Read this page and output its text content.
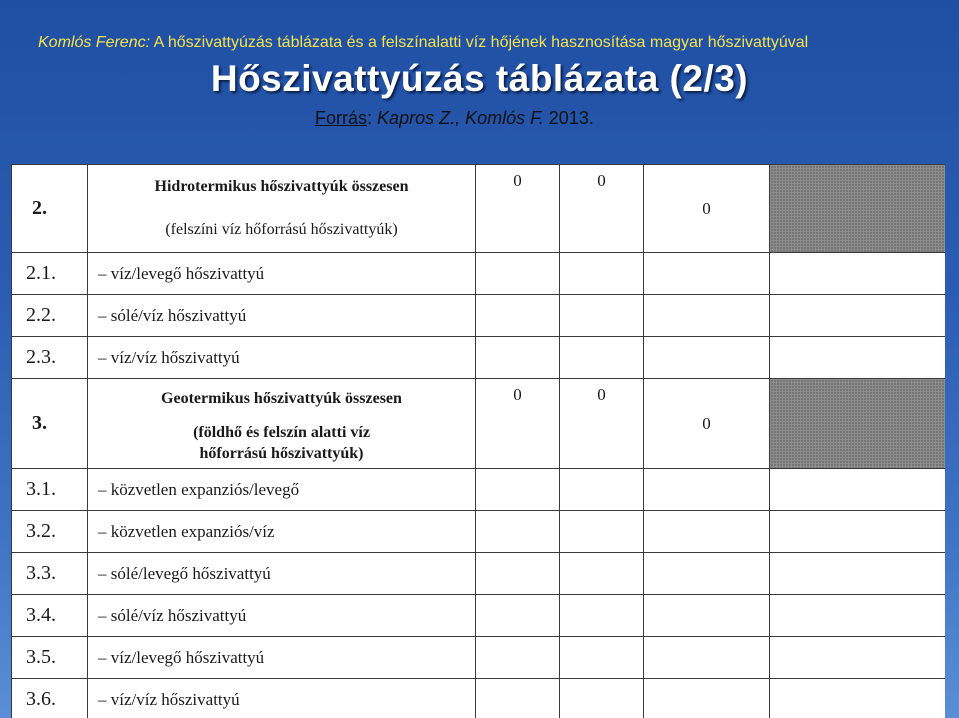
Komlós Ferenc: A hőszivattyúzás táblázata és a felszínalatti víz hőjének hasznosítása magyar hőszivattyúval
Hőszivattyúzás táblázata (2/3)
Forrás: Kapros Z., Komlós F. 2013.
2.	Hidrotermikus hőszivattyúk összesen	0	0	0	
	(felszíni víz hőforrású hőszivattyúk)				
2.1.	– víz/levegő hőszivattyú				
2.2.	– sólé/víz hőszivattyú				
2.3.	– víz/víz hőszivattyú				
3.	Geotermikus hőszivattyúk összesen	0	0	0	
	(földhő és felszín alatti víz
hőforrású hőszivattyúk)				
3.1.	– közvetlen expanziós/levegő				
3.2.	– közvetlen expanziós/víz				
3.3.	– sólé/levegő hőszivattyú				
3.4.	– sólé/víz hőszivattyú				
3.5.	– víz/levegő hőszivattyú				
3.6.	– víz/víz hőszivattyú				
